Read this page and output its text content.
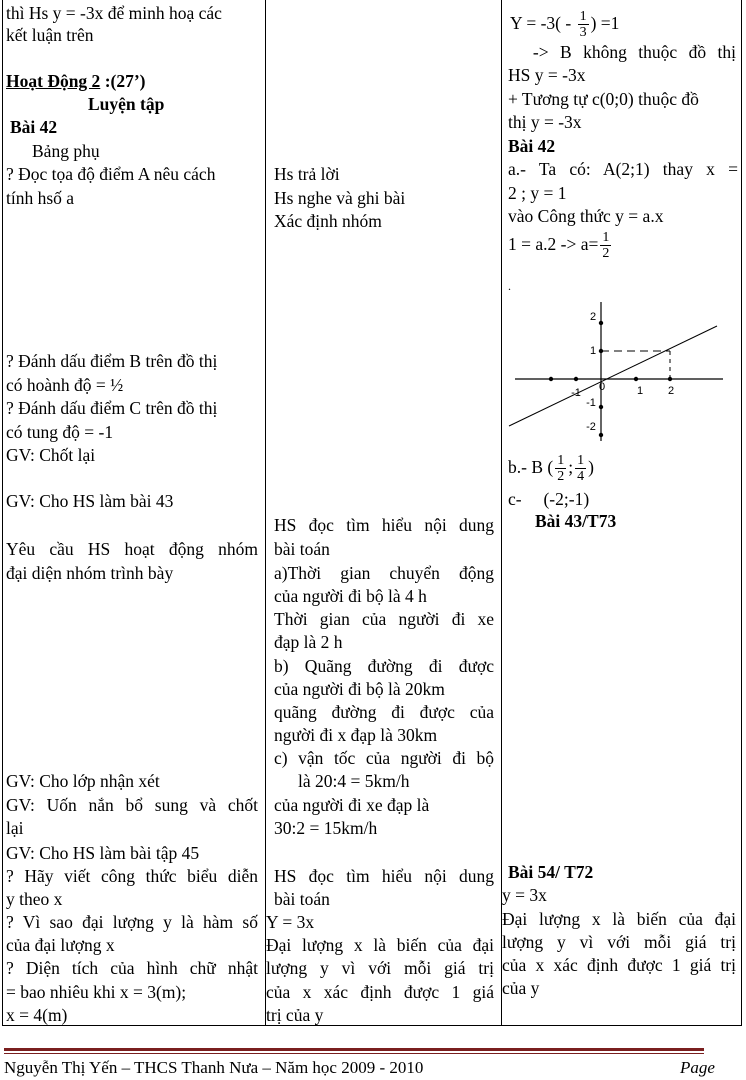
thì Hs y = -3x để minh hoạ các
kết luận trên
Hoạt Động 2 :(27’)
Luyện tập
Bài 42
Bảng phụ
? Đọc tọa độ điểm A nêu cách
tính hsố a
? Đánh dấu điểm B trên đồ thị
có hoành độ = ½
? Đánh dấu điểm C trên đồ thị
có tung độ = -1
GV: Chốt lại
GV: Cho HS làm bài 43
Yêu cầu HS hoạt động nhóm
đại diện nhóm trình bày
GV: Cho lớp nhận xét
GV: Uốn nắn bổ sung và chốt
lại
GV: Cho HS làm bài tập 45
? Hãy viết công thức biểu diễn
y theo x
? Vì sao đại lượng y là hàm số
của đại lượng x
? Diện tích của hình chữ nhật
= bao nhiêu khi x = 3(m);
x = 4(m)
Hs trả lời
Hs nghe và ghi bài
Xác định nhóm
HS đọc tìm hiểu nội dung
bài toán
a)Thời gian chuyển động
của người đi bộ là 4 h
Thời gian của người đi xe
đạp là 2 h
b) Quãng đường đi được
của người đi bộ là 20km
quãng đường đi được của
người đi x đạp là 30km
c) vận tốc của người đi bộ
là 20:4 = 5km/h
của người đi xe đạp là
30:2 = 15km/h
HS đọc tìm hiểu nội dung
bài toán
Y = 3x
Đại lượng x là biến của đại
lượng y vì với mỗi giá trị
của x xác định được 1 giá
trị của y
$Y = -3( - \frac{1}{3}$ ) =1
-> B không thuộc đồ thị
HS y = -3x
+ Tương tự c(0;0) thuộc đồ
thị y = -3x
Bài 42
a.- Ta có: A(2;1) thay x =
2 ; y = 1
vào Công thức y = a.x
$1 = a.2 -> a= \frac{1}{2}$
.
-1 0	1 2
2
1
-1
-2
b.- B ( $\frac{1}{2}$ ; $\frac{1}{4}$ )
c-     (-2;-1)
Bài 43/T73
Bài 54/ T72
y = 3x
Đại lượng x là biến của đại
lượng y vì với mỗi giá trị
của x xác định được 1 giá trị
của y
Nguyễn Thị Yến – THCS Thanh Nưa – Năm học 2009 - 2010	Page
